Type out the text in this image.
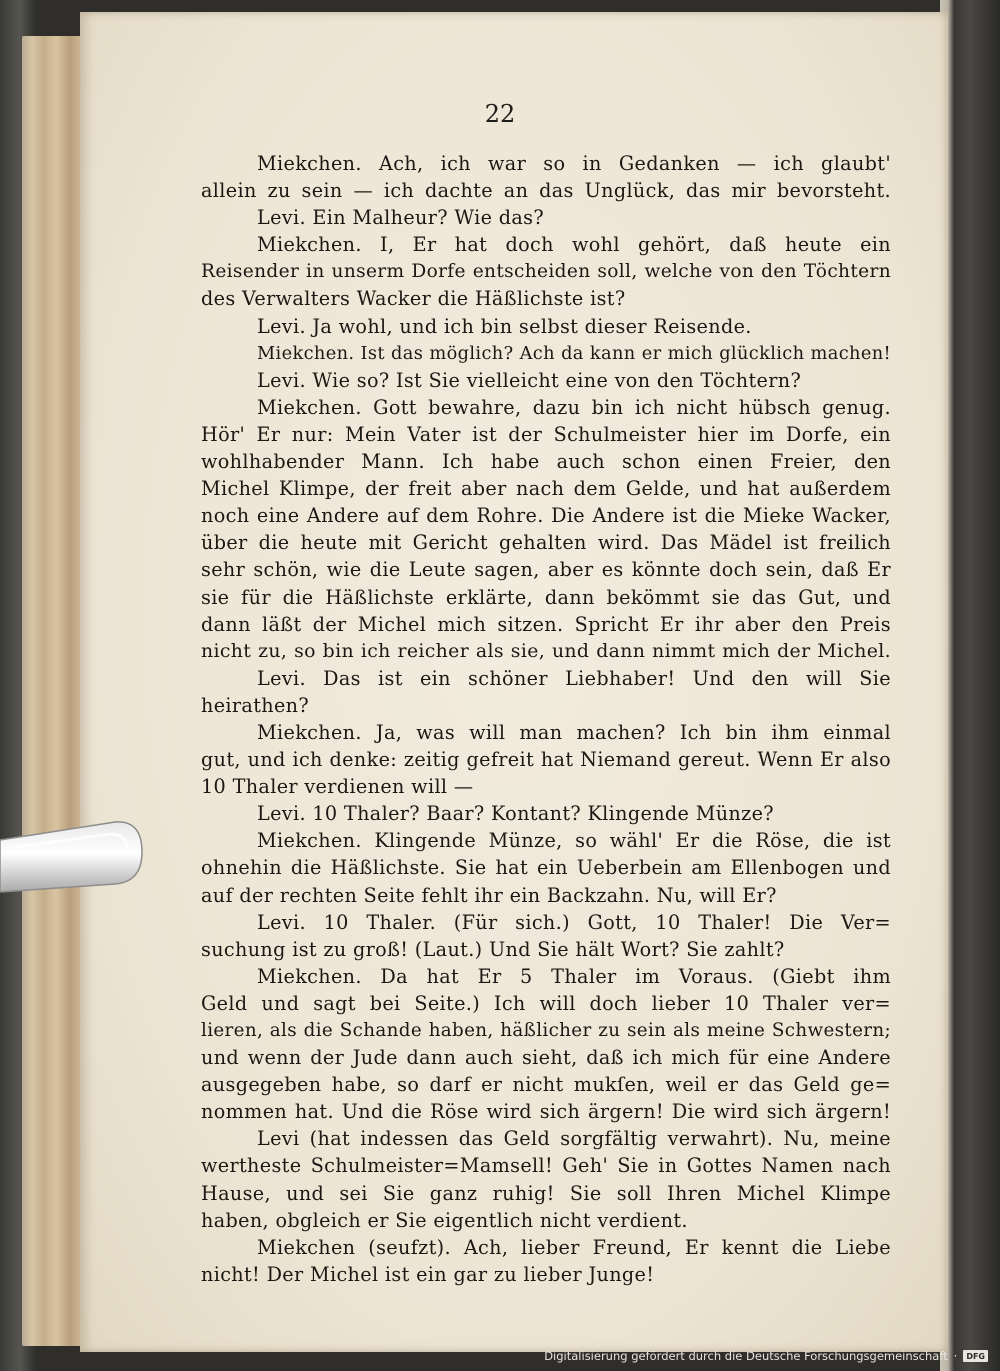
22
Miekchen. Ach, ich war so in Gedanken — ich glaubt'
allein zu sein — ich dachte an das Unglück, das mir bevorsteht.
Levi. Ein Malheur? Wie das?
Miekchen. I, Er hat doch wohl gehört, daß heute ein
Reisender in unserm Dorfe entscheiden soll, welche von den Töchtern
des Verwalters Wacker die Häßlichste ist?
Levi. Ja wohl, und ich bin selbst dieser Reisende.
Miekchen. Ist das möglich? Ach da kann er mich glücklich machen!
Levi. Wie so? Ist Sie vielleicht eine von den Töchtern?
Miekchen. Gott bewahre, dazu bin ich nicht hübsch genug.
Hör' Er nur: Mein Vater ist der Schulmeister hier im Dorfe, ein
wohlhabender Mann. Ich habe auch schon einen Freier, den
Michel Klimpe, der freit aber nach dem Gelde, und hat außerdem
noch eine Andere auf dem Rohre. Die Andere ist die Mieke Wacker,
über die heute mit Gericht gehalten wird. Das Mädel ist freilich
sehr schön, wie die Leute sagen, aber es könnte doch sein, daß Er
sie für die Häßlichste erklärte, dann bekömmt sie das Gut, und
dann läßt der Michel mich sitzen. Spricht Er ihr aber den Preis
nicht zu, so bin ich reicher als sie, und dann nimmt mich der Michel.
Levi. Das ist ein schöner Liebhaber! Und den will Sie
heirathen?
Miekchen. Ja, was will man machen? Ich bin ihm einmal
gut, und ich denke: zeitig gefreit hat Niemand gereut. Wenn Er also
10 Thaler verdienen will —
Levi. 10 Thaler? Baar? Kontant? Klingende Münze?
Miekchen. Klingende Münze, so wähl' Er die Röse, die ist
ohnehin die Häßlichste. Sie hat ein Ueberbein am Ellenbogen und
auf der rechten Seite fehlt ihr ein Backzahn. Nu, will Er?
Levi. 10 Thaler. (Für sich.) Gott, 10 Thaler! Die Ver=
suchung ist zu groß! (Laut.) Und Sie hält Wort? Sie zahlt?
Miekchen. Da hat Er 5 Thaler im Voraus. (Giebt ihm
Geld und sagt bei Seite.) Ich will doch lieber 10 Thaler ver=
lieren, als die Schande haben, häßlicher zu sein als meine Schwestern;
und wenn der Jude dann auch sieht, daß ich mich für eine Andere
ausgegeben habe, so darf er nicht mukſen, weil er das Geld ge=
nommen hat. Und die Röse wird sich ärgern! Die wird sich ärgern!
Levi (hat indessen das Geld sorgfältig verwahrt). Nu, meine
wertheste Schulmeister=Mamsell! Geh' Sie in Gottes Namen nach
Hause, und sei Sie ganz ruhig! Sie soll Ihren Michel Klimpe
haben, obgleich er Sie eigentlich nicht verdient.
Miekchen (seufzt). Ach, lieber Freund, Er kennt die Liebe
nicht! Der Michel ist ein gar zu lieber Junge!
Digitalisierung gefördert durch die Deutsche Forschungsgemeinschaft ·	DFG
